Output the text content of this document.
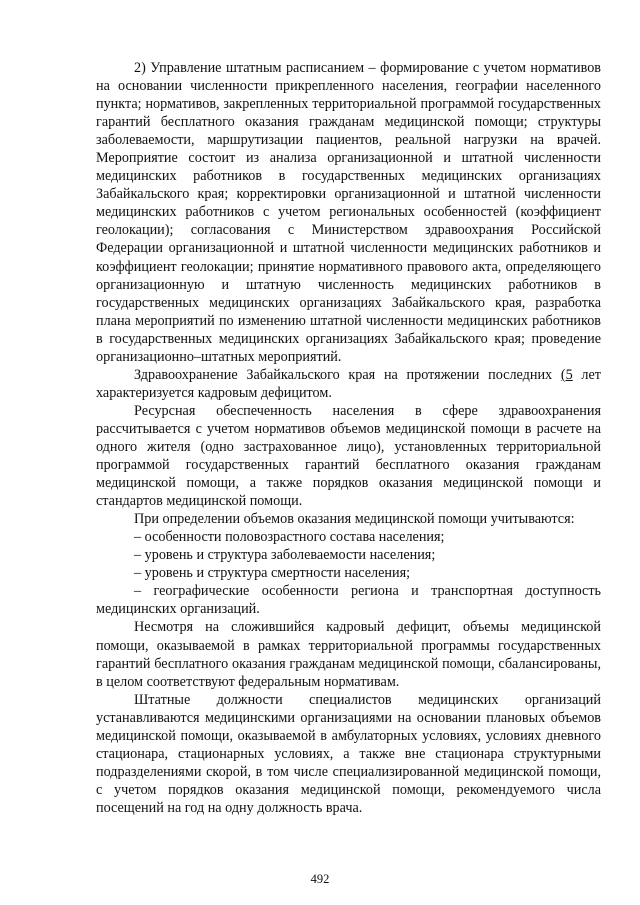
2) Управление штатным расписанием – формирование с учетом нормативов на основании численности прикрепленного населения, географии населенного пункта; нормативов, закрепленных территориальной программой государственных гарантий бесплатного оказания гражданам медицинской помощи; структуры заболеваемости, маршрутизации пациентов, реальной нагрузки на врачей. Мероприятие состоит из анализа организационной и штатной численности медицинских работников в государственных медицинских организациях Забайкальского края; корректировки организационной и штатной численности медицинских работников с учетом региональных особенностей (коэффициент геолокации); согласования с Министерством здравоохрания Российской Федерации организационной и штатной численности медицинских работников и коэффициент геолокации; принятие нормативного правового акта, определяющего организационную и штатную численность медицинских работников в государственных медицинских организациях Забайкальского края, разработка плана мероприятий по изменению штатной численности медицинских работников в государственных медицинских организациях Забайкальского края; проведение организационно–штатных мероприятий.

Здравоохранение Забайкальского края на протяжении последних (5 лет характеризуется кадровым дефицитом.

Ресурсная обеспеченность населения в сфере здравоохранения рассчитывается с учетом нормативов объемов медицинской помощи в расчете на одного жителя (одно застрахованное лицо), установленных территориальной программой государственных гарантий бесплатного оказания гражданам медицинской помощи, а также порядков оказания медицинской помощи и стандартов медицинской помощи.

При определении объемов оказания медицинской помощи учитываются:

– особенности половозрастного состава населения;

– уровень и структура заболеваемости населения;

– уровень и структура смертности населения;

– географические особенности региона и транспортная доступность медицинских организаций.

Несмотря на сложившийся кадровый дефицит, объемы медицинской помощи, оказываемой в рамках территориальной программы государственных гарантий бесплатного оказания гражданам медицинской помощи, сбалансированы, в целом соответствуют федеральным нормативам.

Штатные должности специалистов медицинских организаций устанавливаются медицинскими организациями на основании плановых объемов медицинской помощи, оказываемой в амбулаторных условиях, условиях дневного стационара, стационарных условиях, а также вне стационара структурными подразделениями скорой, в том числе специализированной медицинской помощи, с учетом порядков оказания медицинской помощи, рекомендуемого числа посещений на год на одну должность врача.

492
